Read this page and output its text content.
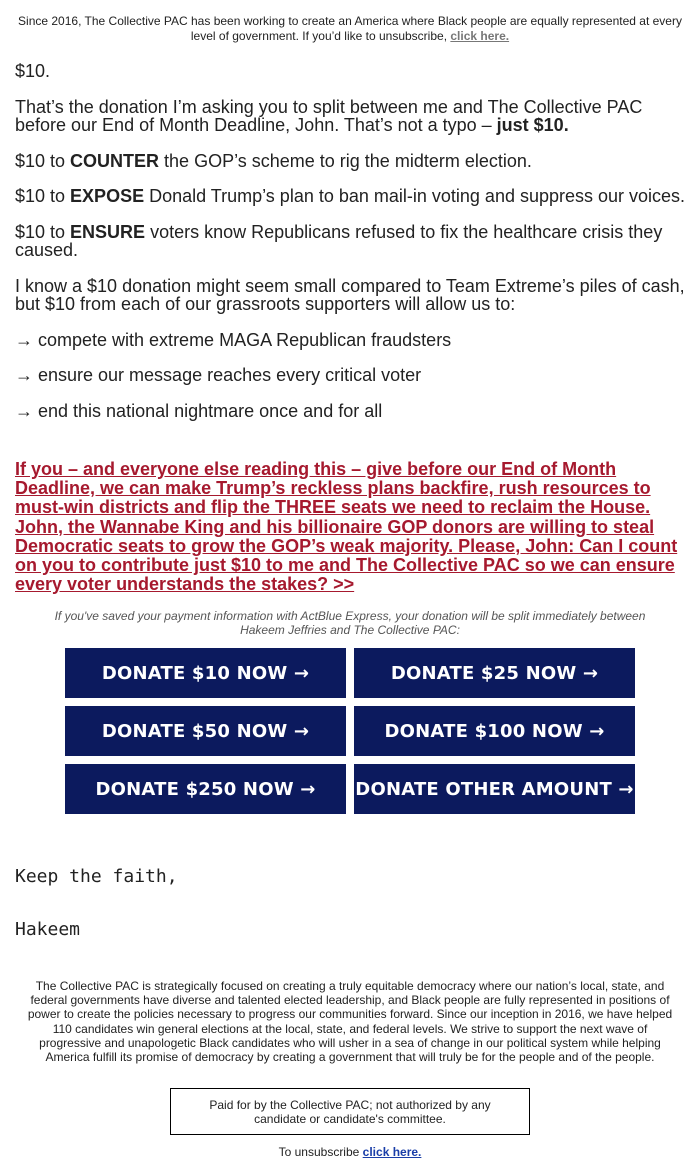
Since 2016, The Collective PAC has been working to create an America where Black people are equally represented at every level of government. If you’d like to unsubscribe, click here.

$10.

That’s the donation I’m asking you to split between me and The Collective PAC before our End of Month Deadline, John. That’s not a typo – just $10.

$10 to COUNTER the GOP’s scheme to rig the midterm election.

$10 to EXPOSE Donald Trump’s plan to ban mail-in voting and suppress our voices.

$10 to ENSURE voters know Republicans refused to fix the healthcare crisis they caused.

I know a $10 donation might seem small compared to Team Extreme’s piles of cash, but $10 from each of our grassroots supporters will allow us to:

→ compete with extreme MAGA Republican fraudsters

→ ensure our message reaches every critical voter

→ end this national nightmare once and for all

If you – and everyone else reading this – give before our End of Month Deadline, we can make Trump’s reckless plans backfire, rush resources to must-win districts and flip the THREE seats we need to reclaim the House. John, the Wannabe King and his billionaire GOP donors are willing to steal Democratic seats to grow the GOP’s weak majority. Please, John: Can I count on you to contribute just $10 to me and The Collective PAC so we can ensure every voter understands the stakes? >>
If you've saved your payment information with ActBlue Express, your donation will be split immediately between Hakeem Jeffries and The Collective PAC:
DONATE $10 NOW →	DONATE $25 NOW →
DONATE $50 NOW →	DONATE $100 NOW →
DONATE $250 NOW →	DONATE OTHER AMOUNT →
Keep the faith,
Hakeem
The Collective PAC is strategically focused on creating a truly equitable democracy where our nation’s local, state, and federal governments have diverse and talented elected leadership, and Black people are fully represented in positions of power to create the policies necessary to progress our communities forward. Since our inception in 2016, we have helped 110 candidates win general elections at the local, state, and federal levels. We strive to support the next wave of progressive and unapologetic Black candidates who will usher in a sea of change in our political system while helping America fulfill its promise of democracy by creating a government that will truly be for the people and of the people.
Paid for by the Collective PAC; not authorized by any candidate or candidate's committee.
To unsubscribe click here.
